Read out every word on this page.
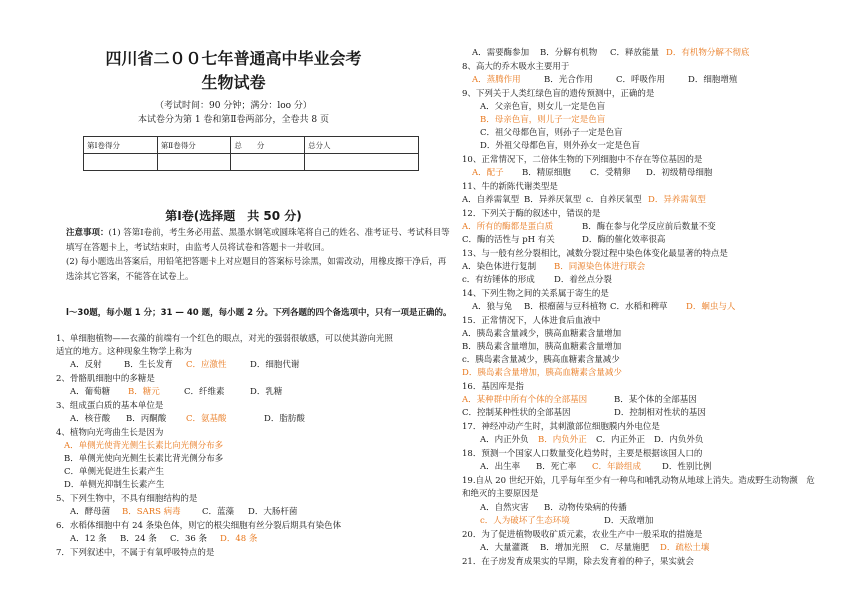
四川省二００七年普通高中毕业会考
生物试卷
（考试时间：90 分钟；满分：loo 分）
本试卷分为第 1 卷和第Ⅱ卷两部分，全卷共 8 页
第Ⅰ卷得分	第Ⅱ卷得分	总　　分	总分人

第Ⅰ卷(选择题　共 50 分)
注意事项：(1) 答第Ⅰ卷前，考生务必用蓝、黑墨水钢笔或圆珠笔将自己的姓名、准考证号、考试科目等填写在答题卡上，考试结束时，由监考人员将试卷和答题卡一并收回。
(2) 每小题选出答案后，用铅笔把答题卡上对应题目的答案标号涂黑，如需改动，用橡皮擦干净后，再选涂其它答案，不能答在试卷上。
l～30题，每小题 1 分；31 — 40 题，每小题 2 分。下列各题的四个备选项中，只有一项是正确的。
1、单细胞植物——衣藻的前端有一个红色的眼点，对光的强弱很敏感，可以使其游向光照
适宜的地方。这种现象生物学上称为
A．反射	B．生长发育 C．应激性	D．细胞代谢
2、骨骼肌细胞中的多糖是
A．葡萄糖 B．糖元	C．纤维素	D．乳糖
3、组成蛋白质的基本单位是
A．核苷酸 B．丙酮酸 C．氨基酸	D．脂肪酸
4、植物向光弯曲生长是因为
A．单侧光使背光侧生长素比向光侧分布多
B．单侧光使向光侧生长素比背光侧分布多
C．单侧光促进生长素产生
D．单侧光抑制生长素产生
5、下列生物中，不具有细胞结构的是
A．酵母菌 B．SARS 病毒	C．蓝藻 D．大肠杆菌
6．水稻体细胞中有 24 条染色体，则它的根尖细胞有丝分裂后期具有染色体
A．12 条 B．24 条 C．36 条 D．48 条
7．下列叙述中，不属于有氧呼吸特点的是
A．需要酶参加 B．分解有机物 C．释放能量 D．有机物分解不彻底
8、高大的乔木吸水主要用于
A．蒸腾作用	B．光合作用	C．呼吸作用	D．细胞增殖
9、下列关于人类红绿色盲的遗传预测中，正确的是
A．父亲色盲，则女儿一定是色盲
B．母亲色盲，则儿子一定是色盲
C．祖父母都色盲，则孙子一定是色盲
D．外祖父母都色盲，则外孙女一定是色盲
10、正常情况下，二倍体生物的下列细胞中不存在等位基因的是
A．配子 B．精原细胞 C．受精卵 D．初级精母细胞
11、牛的新陈代谢类型是
A．自养需氧型 B．异养厌氧型 c．自养厌氧型 D．异养需氧型
12．下列关于酶的叙述中，错误的是
A．所有的酶都是蛋白质	B．酶在参与化学反应前后数量不变
C．酶的活性与 pH 有关	D．酶的催化效率很高
13、与一般有丝分裂相比，减数分裂过程中染色体变化最显著的特点是
A．染色体进行复制 B．同源染色体进行联会
c．有纺锤体的形成 D．着丝点分裂
14、下列生物之间的关系属于寄生的是
A．狼与兔 B．根瘤菌与豆科植物 C．水稻和稗草 D．蛔虫与人
15．正常情况下，人体进食后血液中
A．胰岛素含量减少，胰高血糖素含量增加
B．胰岛素含量增加，胰高血糖素含量增加
c．胰岛素含量减少，胰高血糖素含量减少
D．胰岛素含量增加，胰高血糖素含量减少
16．基因库是指
A．某种群中所有个体的全部基因	B．某个体的全部基因
C．控制某种性状的全部基因	D．控制相对性状的基因
17．神经冲动产生时，其刺激部位细胞膜内外电位是
A．内正外负 B．内负外正 C．内正外正 D．内负外负
18．预测一个国家人口数量变化趋势时，主要是根据该国人口的
A．出生率 B．死亡率 C．年龄组成 D．性别比例
19.自从 20 世纪开始，几乎每年至少有一种鸟和哺乳动物从地球上消失。造成野生动物濒　危
和绝灭的主要原因是
A．自然灾害 B．动物传染病的传播
c．人为破坏了生态环境	D．天敌增加
20．为了促进植物吸收矿质元素，农业生产中一般采取的措施是
A．大量灌溉 B．增加光照 C．尽量施肥 D．疏松土壤
21．在子房发育成果实的早期，除去发育着的种子，果实就会
